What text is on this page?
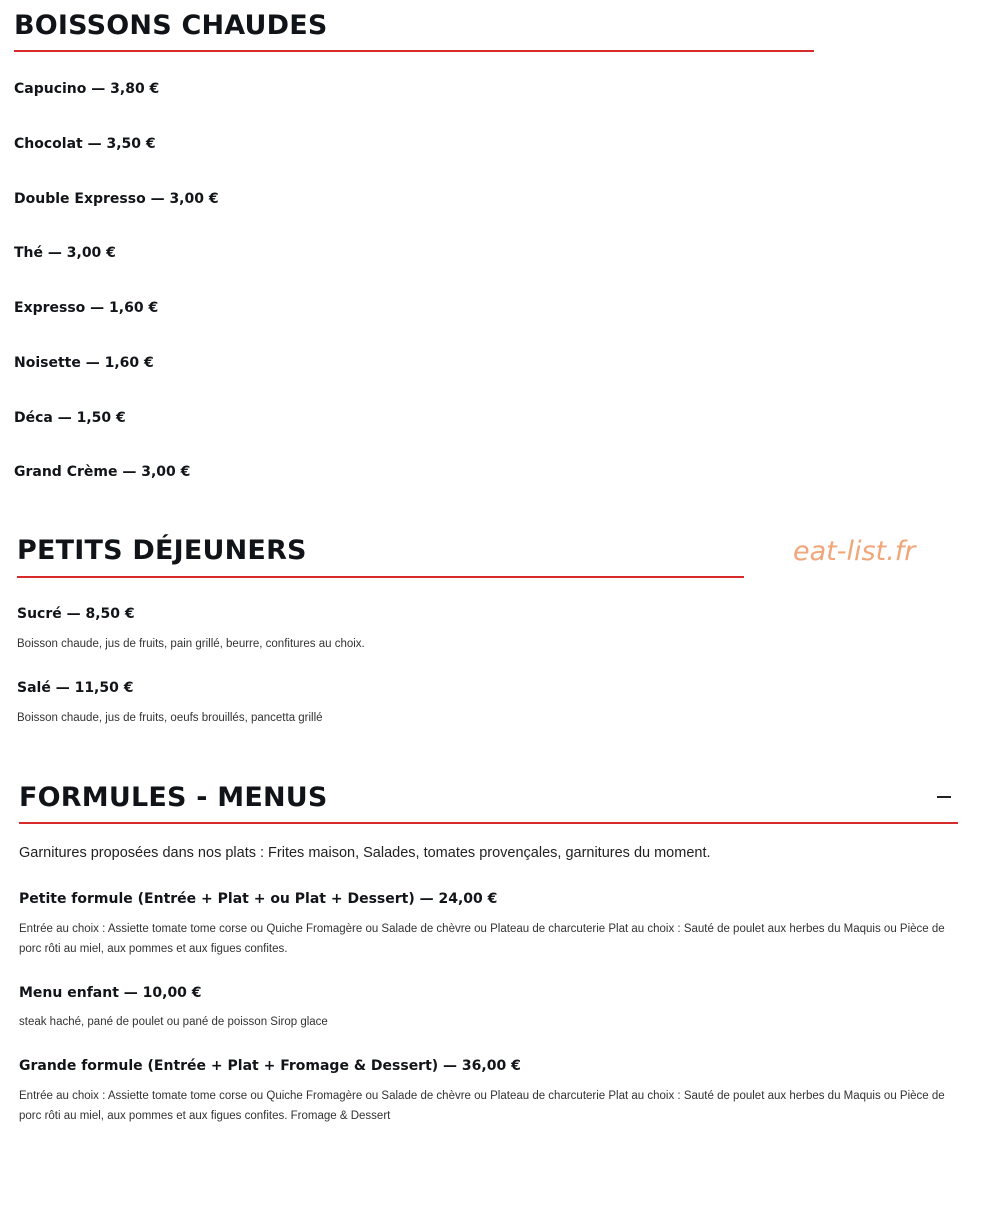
BOISSONS CHAUDES

Capucino — 3,80 €

Chocolat — 3,50 €

Double Expresso — 3,00 €

Thé — 3,00 €

Expresso — 1,60 €

Noisette — 1,60 €

Déca — 1,50 €

Grand Crème — 3,00 €

PETITS DÉJEUNERS	eat-list.fr

Sucré — 8,50 €

Boisson chaude, jus de fruits, pain grillé, beurre, confitures au choix.

Salé — 11,50 €

Boisson chaude, jus de fruits, oeufs brouillés, pancetta grillé

FORMULES - MENUS

Garnitures proposées dans nos plats : Frites maison, Salades, tomates provençales, garnitures du moment.

Petite formule (Entrée + Plat + ou Plat + Dessert) — 24,00 €

Entrée au choix : Assiette tomate tome corse ou Quiche Fromagère ou Salade de chèvre ou Plateau de charcuterie Plat au choix : Sauté de poulet aux herbes du Maquis ou Pièce de porc rôti au miel, aux pommes et aux figues confites.

Menu enfant — 10,00 €

steak haché, pané de poulet ou pané de poisson Sirop glace

Grande formule (Entrée + Plat + Fromage & Dessert) — 36,00 €

Entrée au choix : Assiette tomate tome corse ou Quiche Fromagère ou Salade de chèvre ou Plateau de charcuterie Plat au choix : Sauté de poulet aux herbes du Maquis ou Pièce de porc rôti au miel, aux pommes et aux figues confites. Fromage & Dessert
